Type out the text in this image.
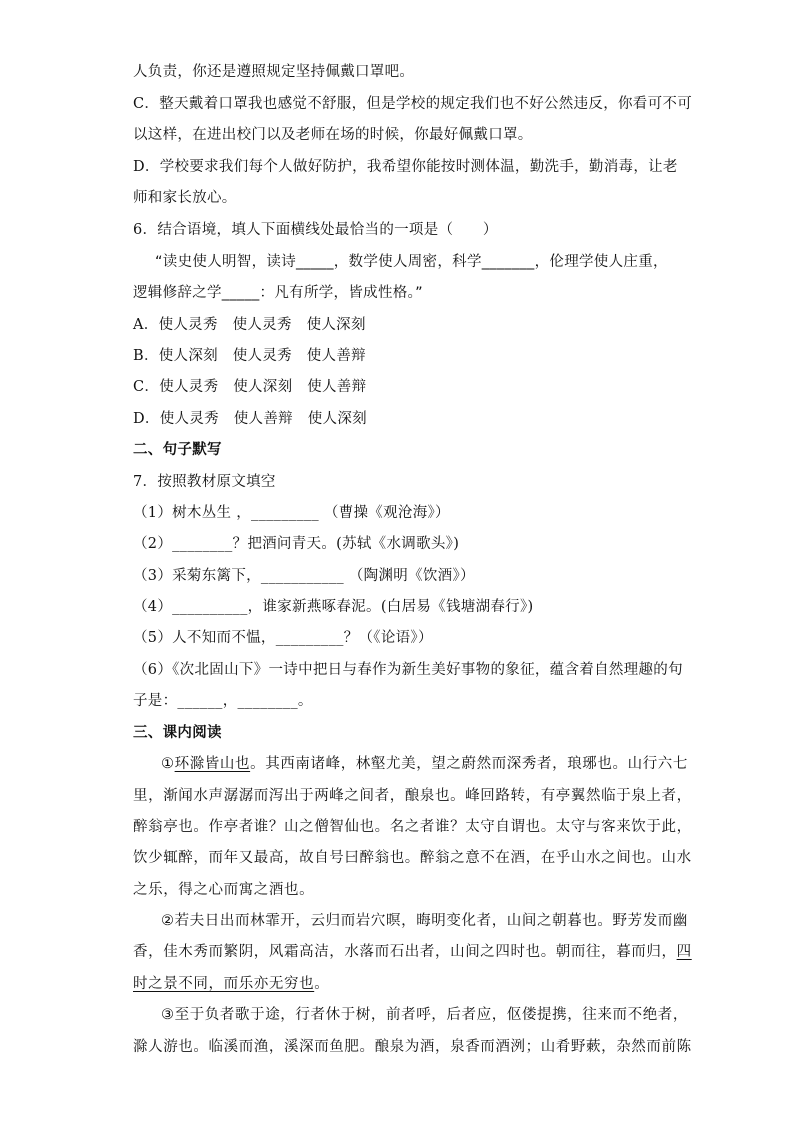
人负责，你还是遵照规定坚持佩戴口罩吧。
C．整天戴着口罩我也感觉不舒服，但是学校的规定我们也不好公然违反，你看可不可
以这样，在进出校门以及老师在场的时候，你最好佩戴口罩。
D．学校要求我们每个人做好防护，我希望你能按时测体温，勤洗手，勤消毒，让老
师和家长放心。
6．结合语境，填人下面横线处最恰当的一项是（　　）
“读史使人明智，读诗_____，数学使人周密，科学_______，伦理学使人庄重，
逻辑修辞之学_____：凡有所学，皆成性格。”
A．使人灵秀　使人灵秀　使人深刻
B．使人深刻　使人灵秀　使人善辩
C．使人灵秀　使人深刻　使人善辩
D．使人灵秀　使人善辩　使人深刻
二、句子默写
7．按照教材原文填空
（1）树木丛生 ，_________ （曹操《观沧海》）
（2）________？把酒问青天。(苏轼《水调歌头》)
（3）采菊东篱下，___________ （陶渊明《饮酒》）
（4）__________，谁家新燕啄春泥。(白居易《钱塘湖春行》)
（5）人不知而不愠，_________？（《论语》）
（6）《次北固山下》一诗中把日与春作为新生美好事物的象征，蕴含着自然理趣的句
子是：______，________。
三、课内阅读
①环滁皆山也。其西南诸峰，林壑尤美，望之蔚然而深秀者，琅琊也。山行六七
里，渐闻水声潺潺而泻出于两峰之间者，酿泉也。峰回路转，有亭翼然临于泉上者，
醉翁亭也。作亭者谁？山之僧智仙也。名之者谁？太守自谓也。太守与客来饮于此，
饮少辄醉，而年又最高，故自号曰醉翁也。醉翁之意不在酒，在乎山水之间也。山水
之乐，得之心而寓之酒也。
②若夫日出而林霏开，云归而岩穴暝，晦明变化者，山间之朝暮也。野芳发而幽
香，佳木秀而繁阴，风霜高洁，水落而石出者，山间之四时也。朝而往，暮而归，四
时之景不同，而乐亦无穷也。
③至于负者歌于途，行者休于树，前者呼，后者应，伛偻提携，往来而不绝者，
滁人游也。临溪而渔，溪深而鱼肥。酿泉为酒，泉香而酒洌；山肴野蔌，杂然而前陈
